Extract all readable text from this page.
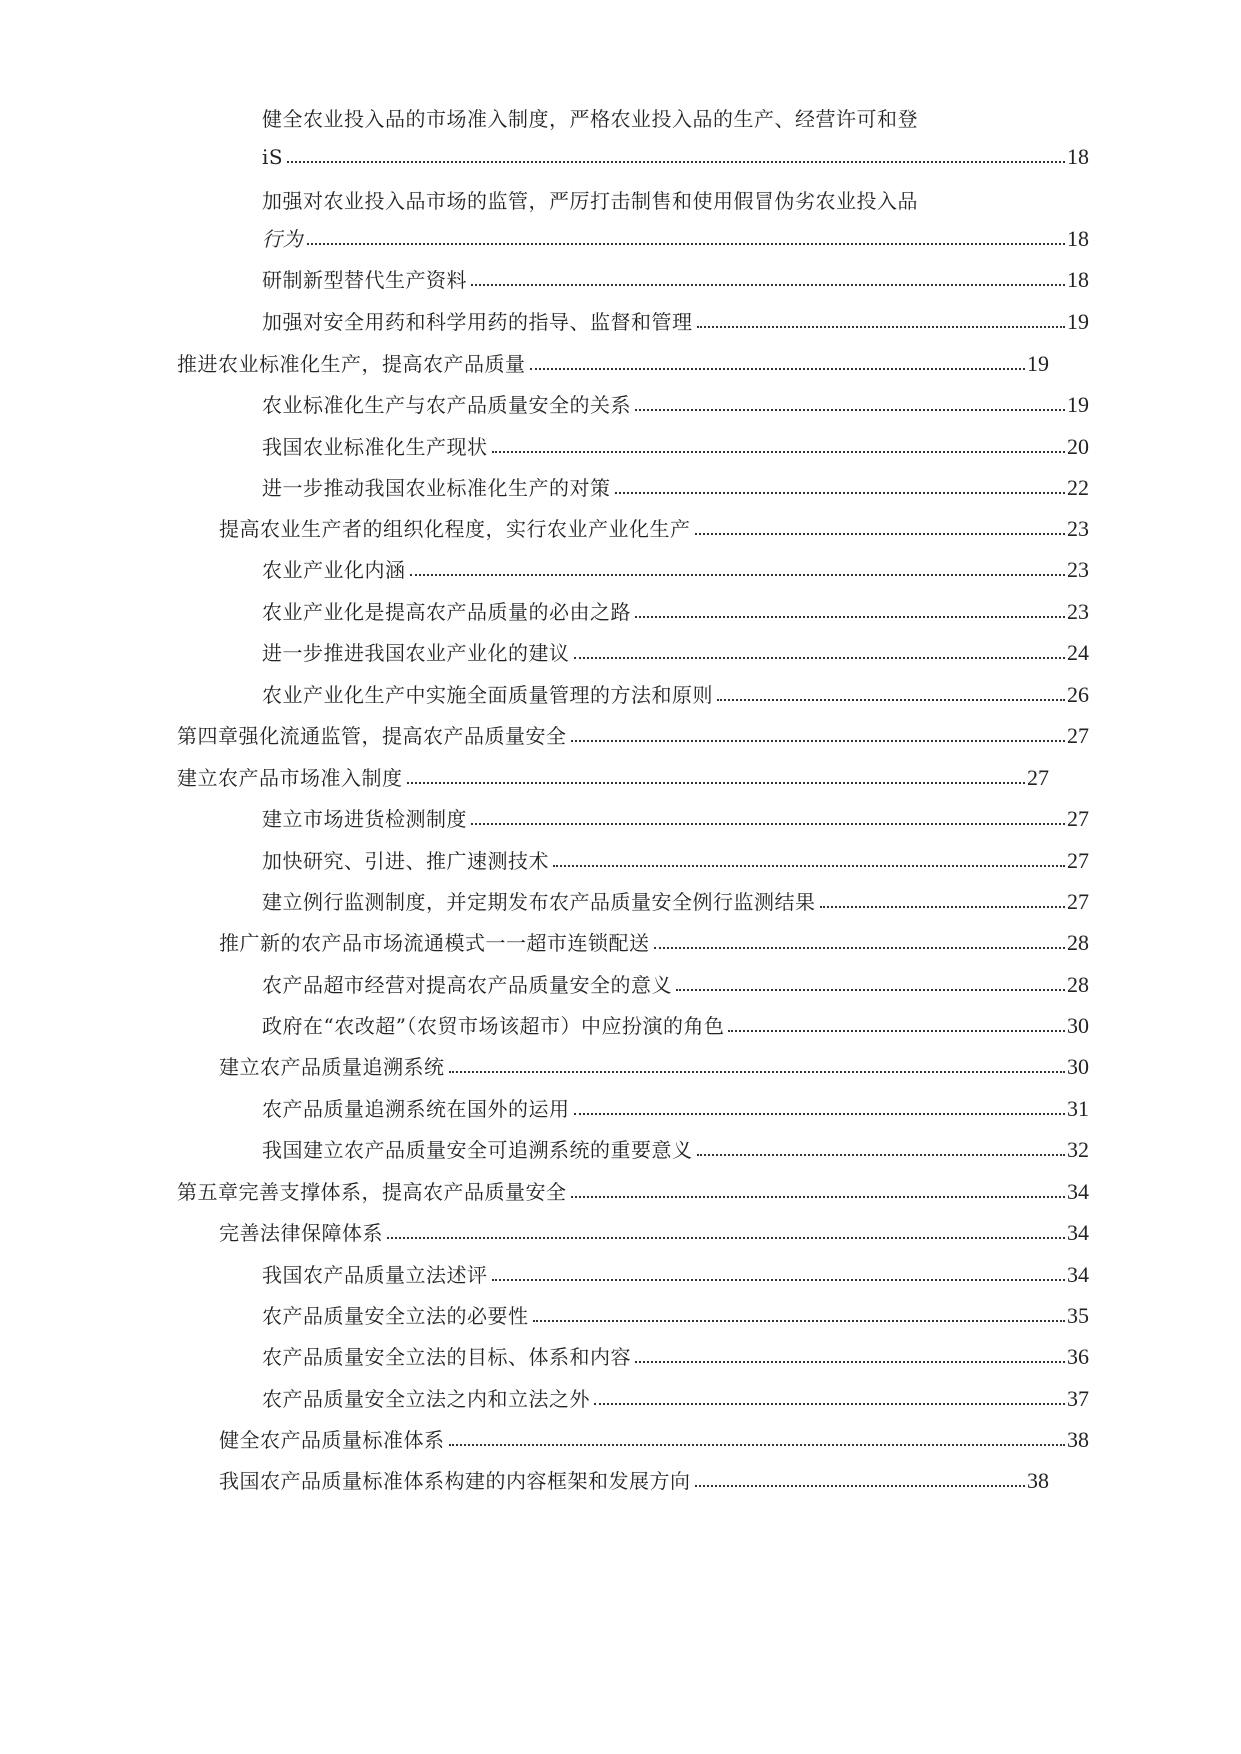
健全农业投入品的市场准入制度，严格农业投入品的生产、经营许可和登
iS	18
加强对农业投入品市场的监管，严厉打击制售和使用假冒伪劣农业投入品
行为	18
研制新型替代生产资料	18
加强对安全用药和科学用药的指导、监督和管理	19
推进农业标准化生产，提高农产品质量	19
农业标准化生产与农产品质量安全的关系	19
我国农业标准化生产现状	20
进一步推动我国农业标准化生产的对策	22
提高农业生产者的组织化程度，实行农业产业化生产	23
农业产业化内涵	23
农业产业化是提高农产品质量的必由之路	23
进一步推进我国农业产业化的建议	24
农业产业化生产中实施全面质量管理的方法和原则	26
第四章强化流通监管，提高农产品质量安全	27
建立农产品市场准入制度	27
建立市场进货检测制度	27
加快研究、引进、推广速测技术	27
建立例行监测制度，并定期发布农产品质量安全例行监测结果	27
推广新的农产品市场流通模式一一超市连锁配送	28
农产品超市经营对提高农产品质量安全的意义	28
政府在“农改超”（农贸市场该超市）中应扮演的角色	30
建立农产品质量追溯系统	30
农产品质量追溯系统在国外的运用	31
我国建立农产品质量安全可追溯系统的重要意义	32
第五章完善支撑体系，提高农产品质量安全	34
完善法律保障体系	34
我国农产品质量立法述评	34
农产品质量安全立法的必要性	35
农产品质量安全立法的目标、体系和内容	36
农产品质量安全立法之内和立法之外	37
健全农产品质量标准体系	38
我国农产品质量标准体系构建的内容框架和发展方向	38
